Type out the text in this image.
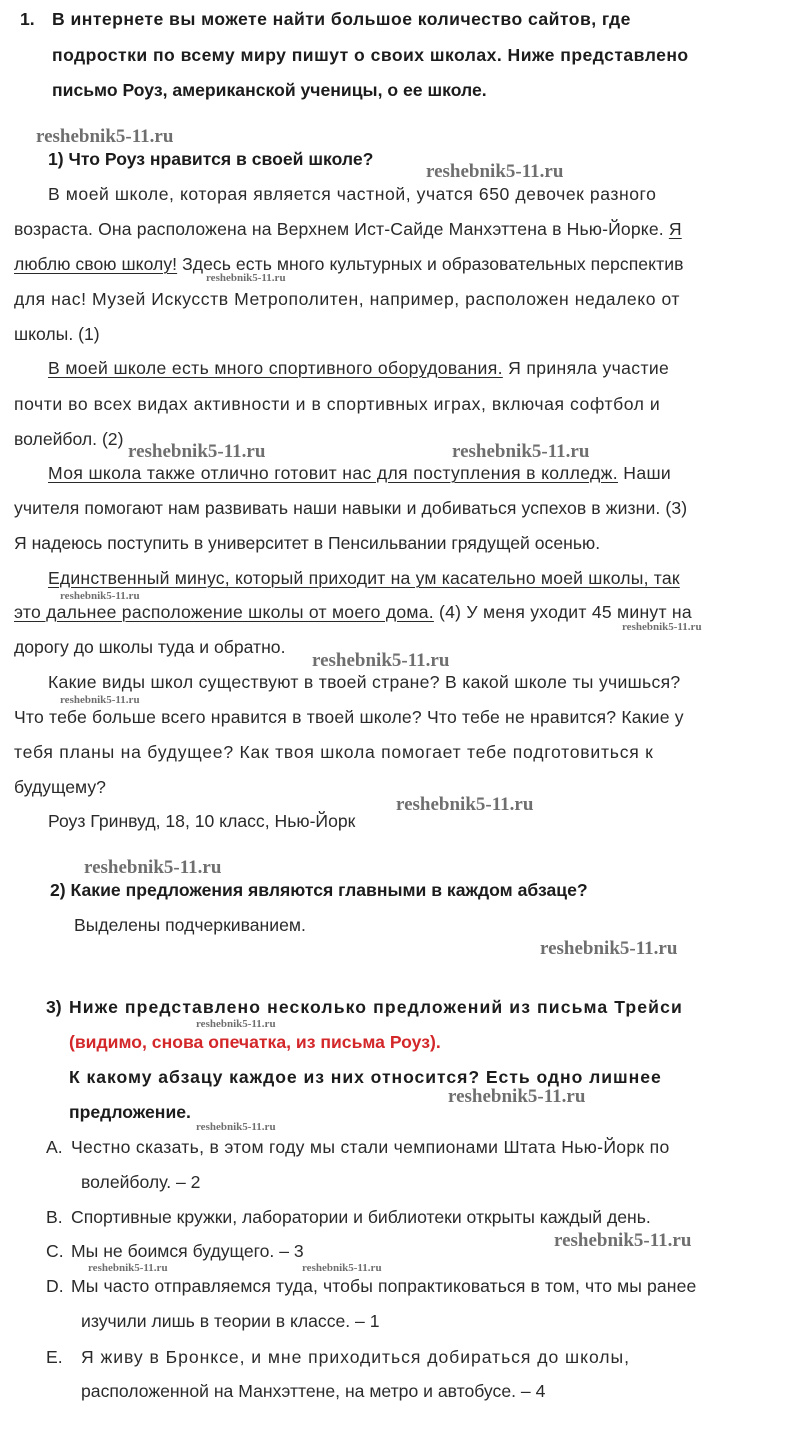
1. В интернете вы можете найти большое количество сайтов, где

подростки по всему миру пишут о своих школах. Ниже представлено

письмо Роуз, американской ученицы, о ее школе.

1) Что Роуз нравится в своей школе?

В моей школе, которая является частной, учатся 650 девочек разного

возраста. Она расположена на Верхнем Ист-Сайде Манхэттена в Нью-Йорке. Я

люблю свою школу! Здесь есть много культурных и образовательных перспектив

для нас! Музей Искусств Метрополитен, например, расположен недалеко от

школы. (1)

В моей школе есть много спортивного оборудования. Я приняла участие

почти во всех видах активности и в спортивных играх, включая софтбол и

волейбол. (2)

Моя школа также отлично готовит нас для поступления в колледж. Наши

учителя помогают нам развивать наши навыки и добиваться успехов в жизни. (3)

Я надеюсь поступить в университет в Пенсильвании грядущей осенью.

Единственный минус, который приходит на ум касательно моей школы, так

это дальнее расположение школы от моего дома. (4) У меня уходит 45 минут на

дорогу до школы туда и обратно.

Какие виды школ существуют в твоей стране? В какой школе ты учишься?

Что тебе больше всего нравится в твоей школе? Что тебе не нравится? Какие у

тебя планы на будущее? Как твоя школа помогает тебе подготовиться к

будущему?

Роуз Гринвуд, 18, 10 класс, Нью-Йорк

2) Какие предложения являются главными в каждом абзаце?

Выделены подчеркиванием.

3) Ниже представлено несколько предложений из письма Трейси

(видимо, снова опечатка, из письма Роуз).

К какому абзацу каждое из них относится? Есть одно лишнее

предложение.

A. Честно сказать, в этом году мы стали чемпионами Штата Нью-Йорк по

волейболу. – 2

B. Спортивные кружки, лаборатории и библиотеки открыты каждый день.

C. Мы не боимся будущего. – 3

D. Мы часто отправляемся туда, чтобы попрактиковаться в том, что мы ранее

изучили лишь в теории в классе. – 1

E. Я живу в Бронксе, и мне приходиться добираться до школы,

расположенной на Манхэттене, на метро и автобусе. – 4

reshebnik5-11.ru
reshebnik5-11.ru
reshebnik5-11.ru
reshebnik5-11.ru	reshebnik5-11.ru
reshebnik5-11.ru
reshebnik5-11.ru
reshebnik5-11.ru
reshebnik5-11.ru
reshebnik5-11.ru
reshebnik5-11.ru
reshebnik5-11.ru
reshebnik5-11.ru
reshebnik5-11.ru
reshebnik5-11.ru
reshebnik5-11.ru
reshebnik5-11.ru	reshebnik5-11.ru
